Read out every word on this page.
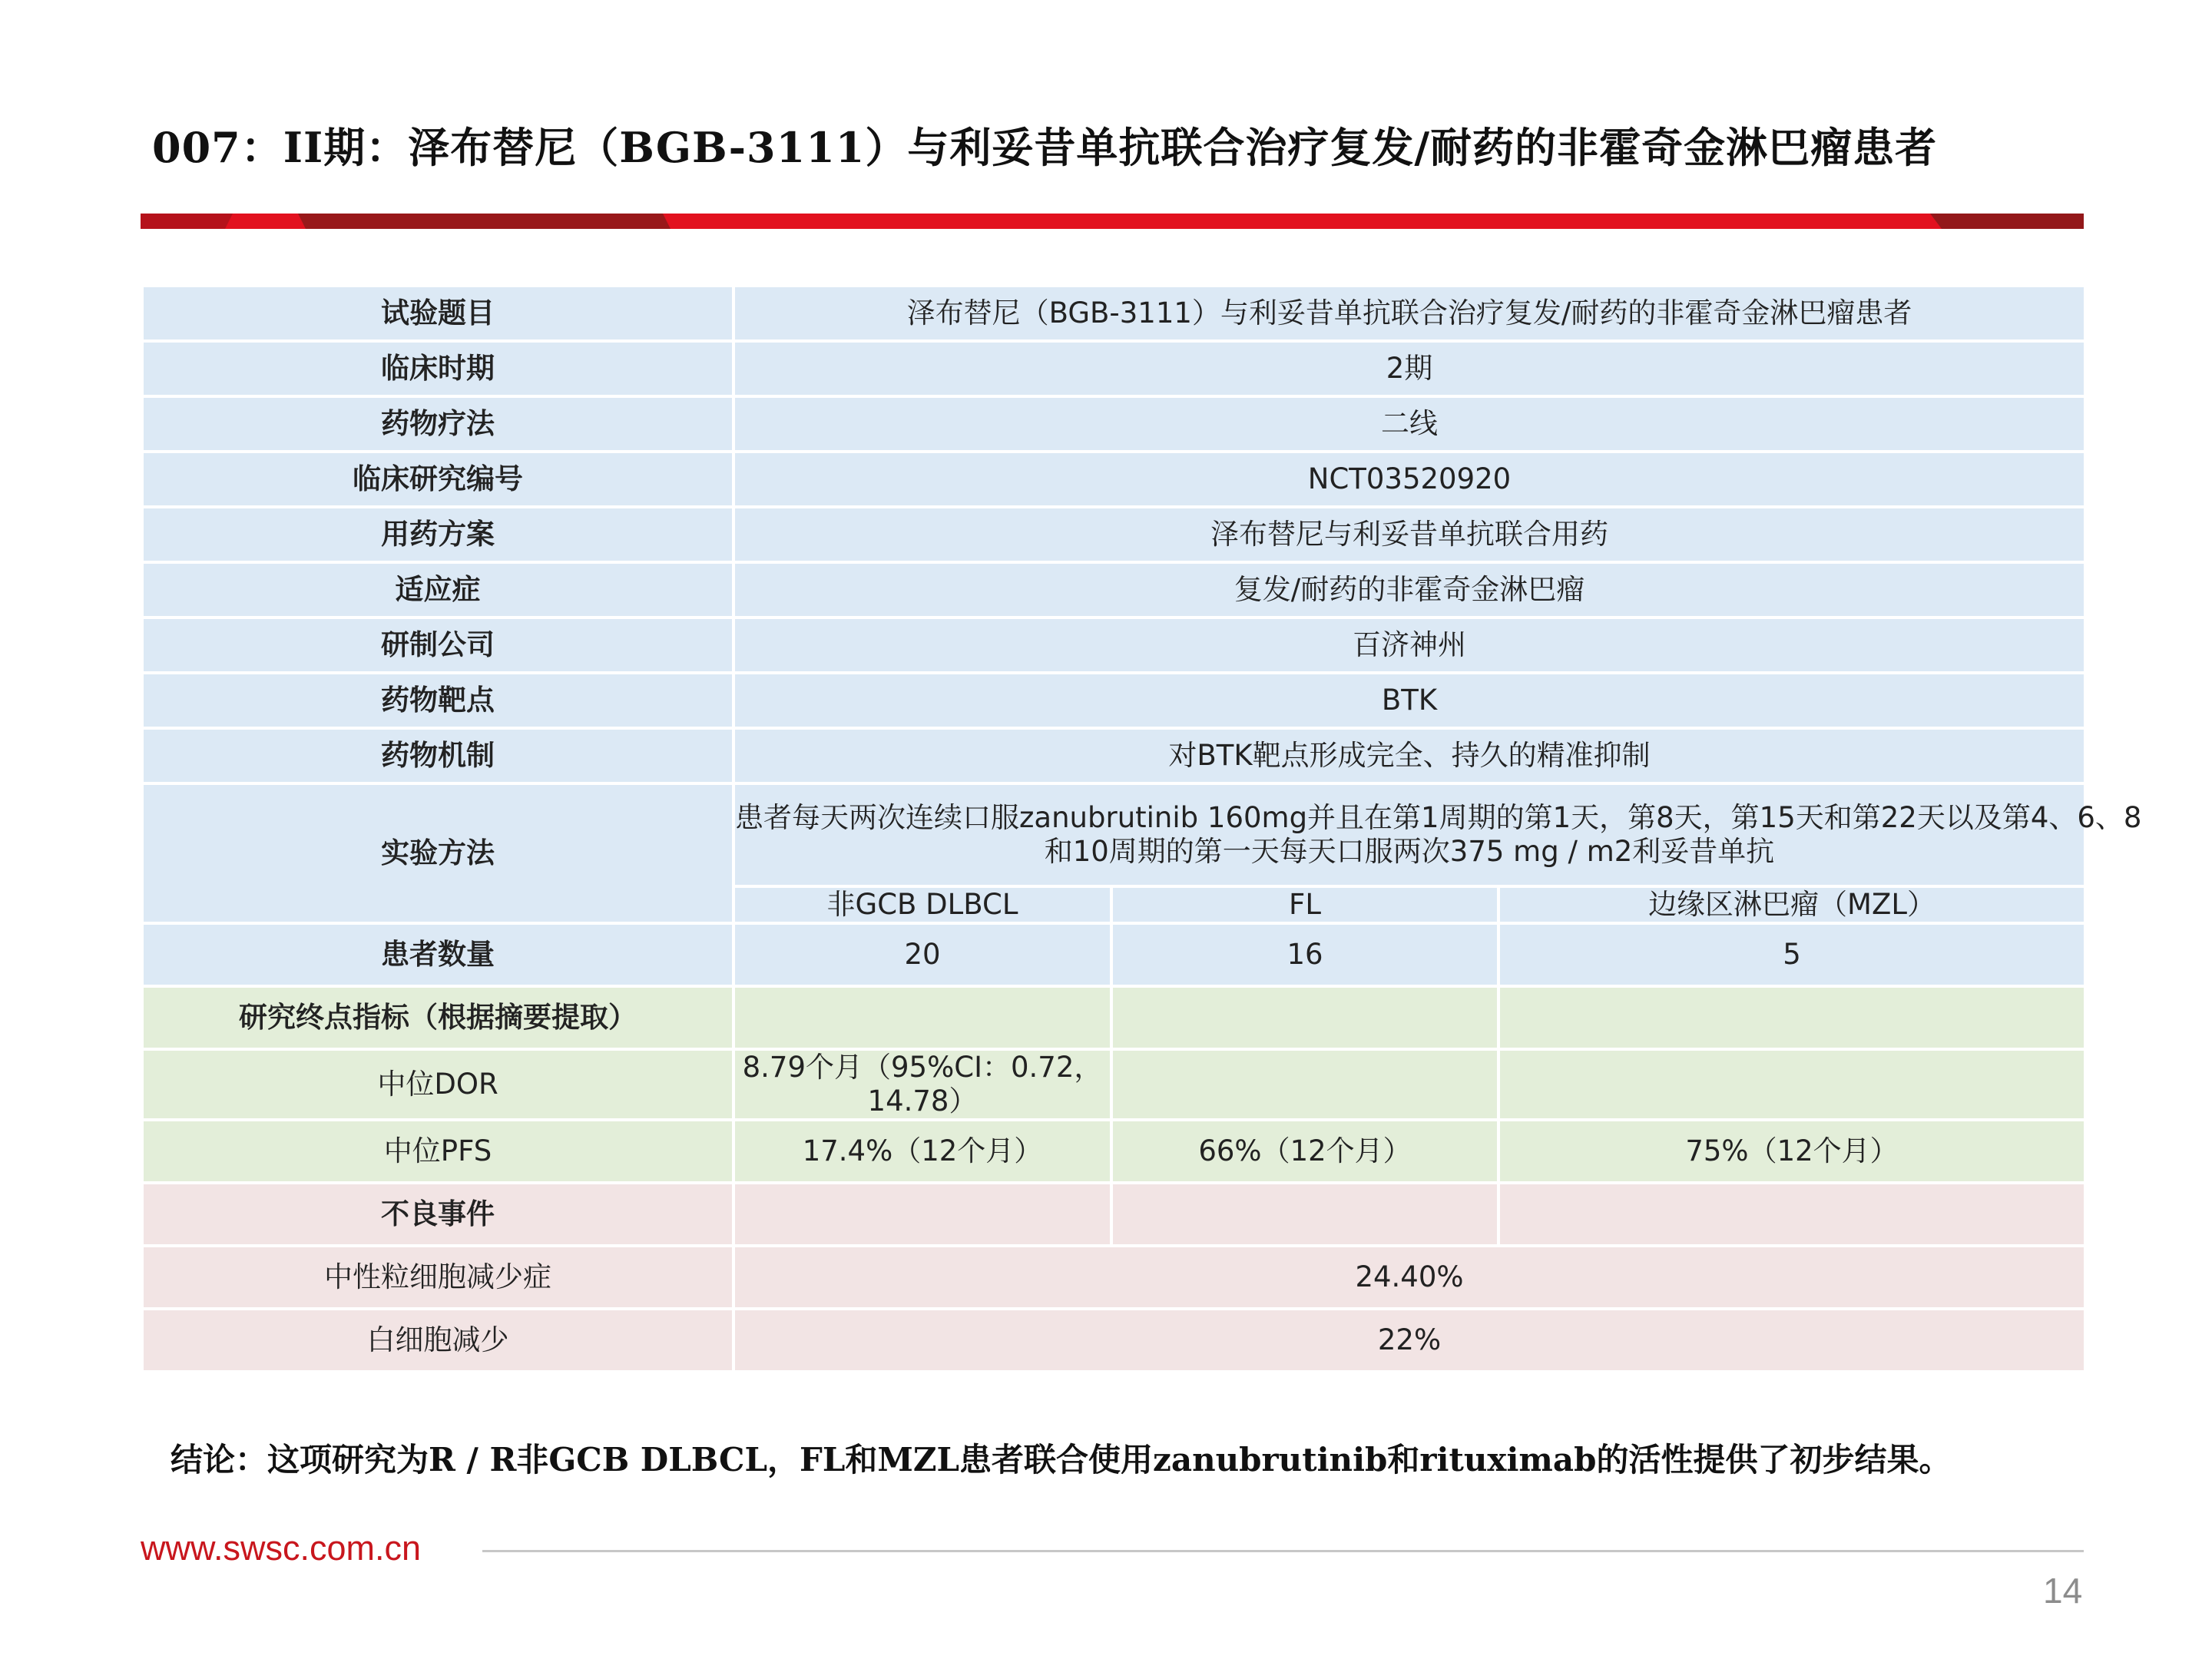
007：II期：泽布替尼（BGB-3111）与利妥昔单抗联合治疗复发/耐药的非霍奇金淋巴瘤患者
试验题目	泽布替尼（BGB-3111）与利妥昔单抗联合治疗复发/耐药的非霍奇金淋巴瘤患者		
临床时期	2期		
药物疗法	二线		
临床研究编号	NCT03520920		
用药方案	泽布替尼与利妥昔单抗联合用药		
适应症	复发/耐药的非霍奇金淋巴瘤		
研制公司	百济神州		
药物靶点	BTK		
药物机制	对BTK靶点形成完全、持久的精准抑制		
实验方法	患者每天两次连续口服zanubrutinib 160mg并且在第1周期的第1天，第8天，第15天和第22天以及第4、6、8
和10周期的第一天每天口服两次375 mg / m2利妥昔单抗		
	非GCB DLBCL	FL	边缘区淋巴瘤（MZL）
患者数量	20	16	5
研究终点指标（根据摘要提取）			
中位DOR	8.79个月（95%CI：0.72，
14.78）		
中位PFS	17.4%（12个月）	66%（12个月）	75%（12个月）
不良事件			
中性粒细胞减少症	24.40%		
白细胞减少	22%		
结论：这项研究为R / R非GCB DLBCL，FL和MZL患者联合使用zanubrutinib和rituximab的活性提供了初步结果。
www.swsc.com.cn
14
